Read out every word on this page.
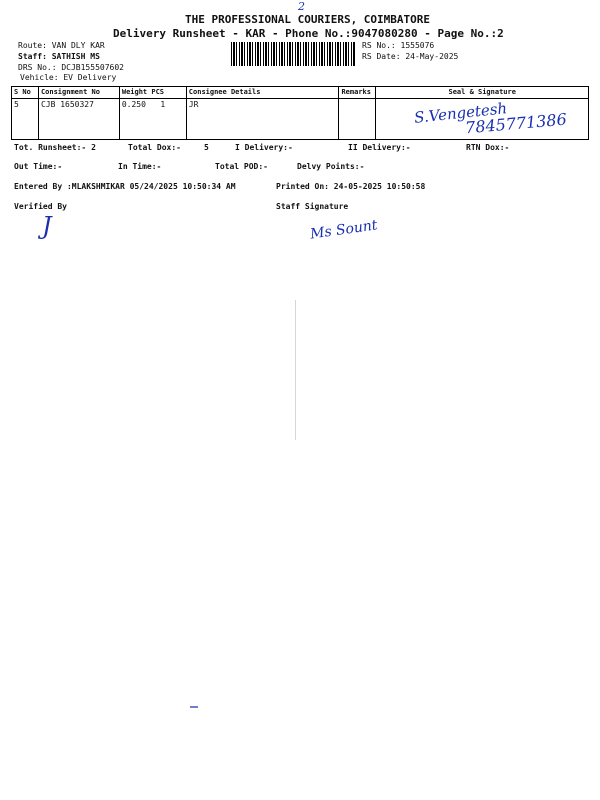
THE PROFESSIONAL COURIERS, COIMBATORE
2
Delivery Runsheet - KAR - Phone No.:9047080280 - Page No.:2
Route: VAN DLY KAR
Staff: SATHISH MS
DRS No.: DCJB155507602
Vehicle: EV Delivery
RS No.: 1555076
RS Date: 24-May-2025
S No	Consignment No	Weight PCS	Consignee Details	Remarks	Seal & Signature
5	CJB 1650327	0.250   1	JR			S.Vengetesh
7845771386
Tot. Runsheet:- 2	Total Dox:-	5	I Delivery:-	II Delivery:-	RTN Dox:-
Out Time:-	In Time:-	Total POD:-	Delvy Points:-
Entered By :MLAKSHMIKAR 05/24/2025 10:50:34 AM	Printed On: 24-05-2025 10:50:58
Verified By	Staff Signature
J	Ms Sount
